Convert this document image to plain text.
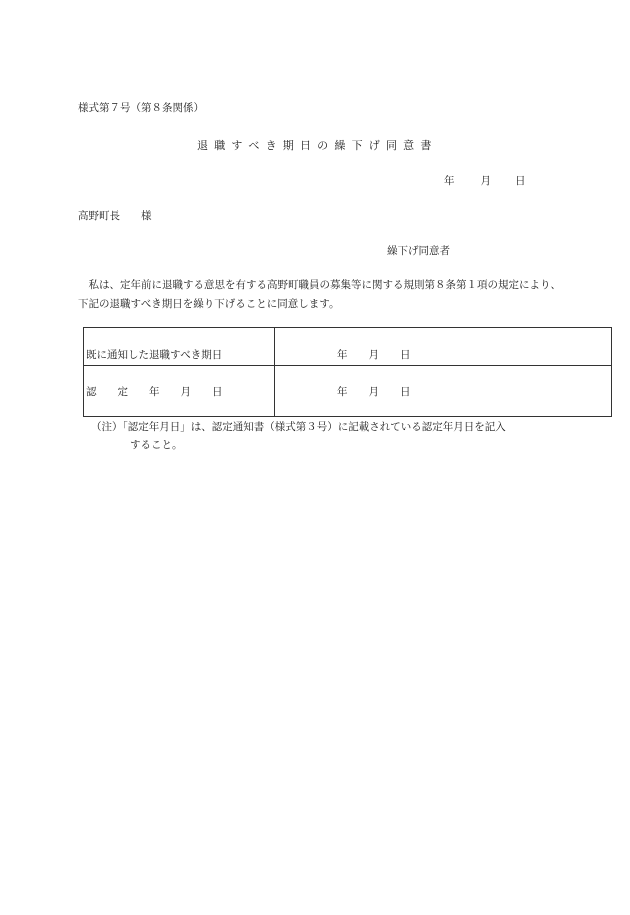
様式第７号（第８条関係）
退職すべき期日の繰下げ同意書
年 月 日
高野町長　　様
繰下げ同意者
私は、定年前に退職する意思を有する高野町職員の募集等に関する規則第８条第１項の規定により、下記の退職すべき期日を繰り下げることに同意します。
既に通知した退職すべき期日	年　　月　　日
認　　定　　年　　月　　日	年　　月　　日
（注）「認定年月日」は、認定通知書（様式第３号）に記載されている認定年月日を記入
すること。
